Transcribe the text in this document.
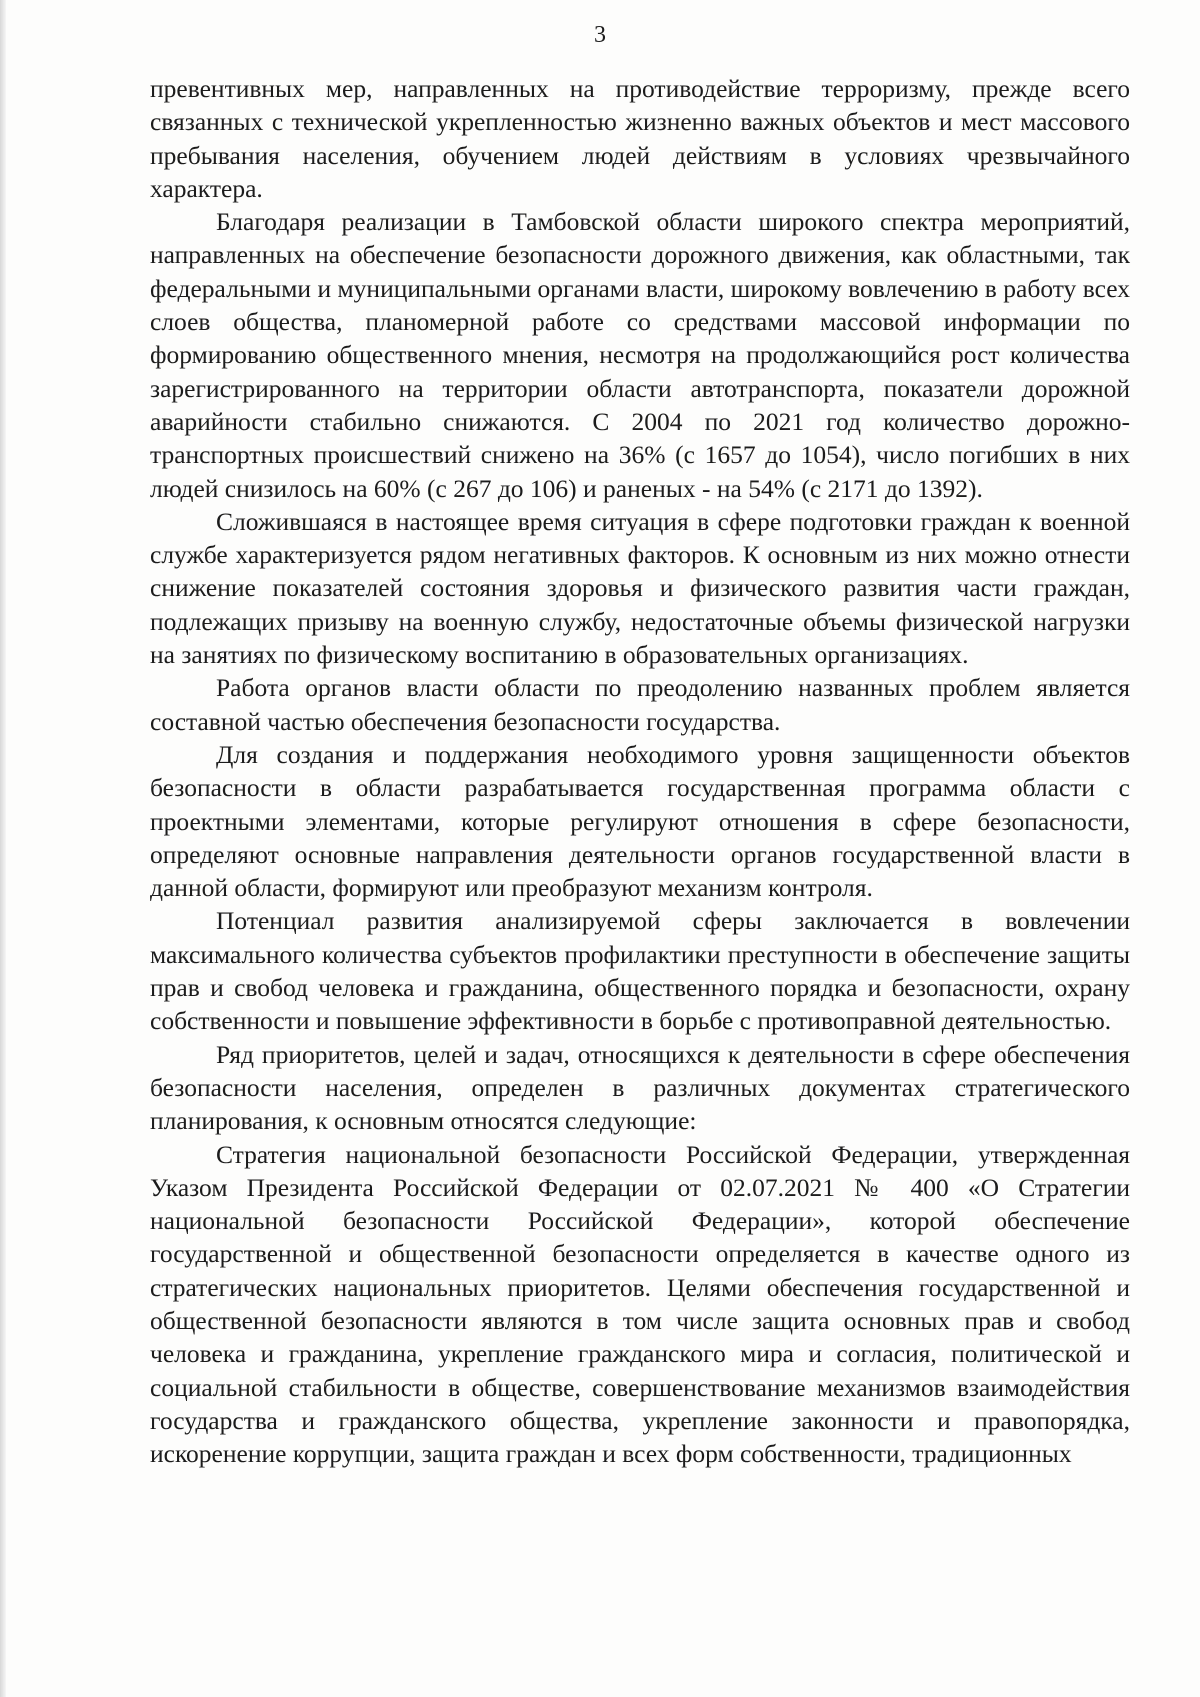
3

превентивных мер, направленных на противодействие терроризму, прежде всего связанных с технической укрепленностью жизненно важных объектов и мест массового пребывания населения, обучением людей действиям в условиях чрезвычайного характера.

Благодаря реализации в Тамбовской области широкого спектра мероприятий, направленных на обеспечение безопасности дорожного движения, как областными, так федеральными и муниципальными органами власти, широкому вовлечению в работу всех слоев общества, планомерной работе со средствами массовой информации по формированию общественного мнения, несмотря на продолжающийся рост количества зарегистрированного на территории области автотранспорта, показатели дорожной аварийности стабильно снижаются. С 2004 по 2021 год количество дорожно-транспортных происшествий снижено на 36% (с 1657 до 1054), число погибших в них людей снизилось на 60% (с 267 до 106) и раненых - на 54% (с 2171 до 1392).

Сложившаяся в настоящее время ситуация в сфере подготовки граждан к военной службе характеризуется рядом негативных факторов. К основным из них можно отнести снижение показателей состояния здоровья и физического развития части граждан, подлежащих призыву на военную службу, недостаточные объемы физической нагрузки на занятиях по физическому воспитанию в образовательных организациях.

Работа органов власти области по преодолению названных проблем является составной частью обеспечения безопасности государства.

Для создания и поддержания необходимого уровня защищенности объектов безопасности в области разрабатывается государственная программа области с проектными элементами, которые регулируют отношения в сфере безопасности, определяют основные направления деятельности органов государственной власти в данной области, формируют или преобразуют механизм контроля.

Потенциал развития анализируемой сферы заключается в вовлечении максимального количества субъектов профилактики преступности в обеспечение защиты прав и свобод человека и гражданина, общественного порядка и безопасности, охрану собственности и повышение эффективности в борьбе с противоправной деятельностью.

Ряд приоритетов, целей и задач, относящихся к деятельности в сфере обеспечения безопасности населения, определен в различных документах стратегического планирования, к основным относятся следующие:

Стратегия национальной безопасности Российской Федерации, утвержденная Указом Президента Российской Федерации от 02.07.2021 № 400 «О Стратегии национальной безопасности Российской Федерации», которой обеспечение государственной и общественной безопасности определяется в качестве одного из стратегических национальных приоритетов. Целями обеспечения государственной и общественной безопасности являются в том числе защита основных прав и свобод человека и гражданина, укрепление гражданского мира и согласия, политической и социальной стабильности в обществе, совершенствование механизмов взаимодействия государства и гражданского общества, укрепление законности и правопорядка, искоренение коррупции, защита граждан и всех форм собственности, традиционных
